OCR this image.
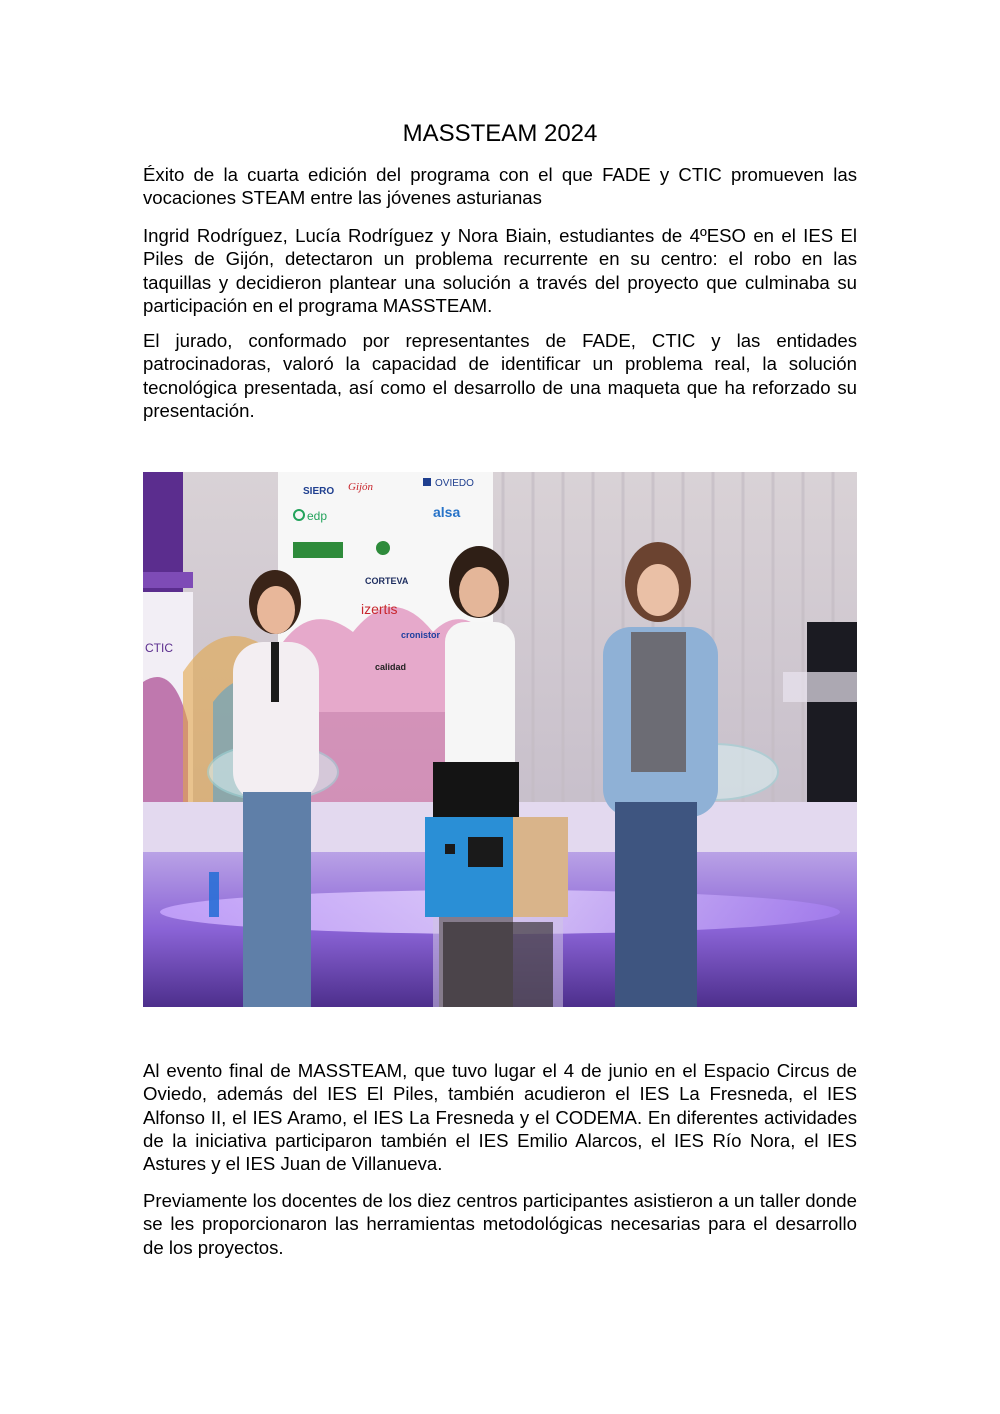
MASSTEAM 2024

Éxito de la cuarta edición del programa con el que FADE y CTIC promueven las vocaciones STEAM entre las jóvenes asturianas

Ingrid Rodríguez, Lucía Rodríguez y Nora Biain, estudiantes de 4ºESO en el IES El Piles de Gijón, detectaron un problema recurrente en su centro: el robo en las taquillas y decidieron plantear una solución a través del proyecto que culminaba su participación en el programa MASSTEAM.

El jurado, conformado por representantes de FADE, CTIC y las entidades patrocinadoras, valoró la capacidad de identificar un problema real, la solución tecnológica presentada, así como el desarrollo de una maqueta que ha reforzado su presentación.

SIERO Gijón	OVIEDO
edp	alsa
CORTEVA
izertis
cronistor
calidad
CTIC

Al evento final de MASSTEAM, que tuvo lugar el 4 de junio en el Espacio Circus de Oviedo, además del IES El Piles, también acudieron el IES La Fresneda, el IES Alfonso II, el IES Aramo, el IES La Fresneda y el CODEMA. En diferentes actividades de la iniciativa participaron también el IES Emilio Alarcos, el IES Río Nora, el IES Astures y el IES Juan de Villanueva.

Previamente los docentes de los diez centros participantes asistieron a un taller donde se les proporcionaron las herramientas metodológicas necesarias para el desarrollo de los proyectos.
